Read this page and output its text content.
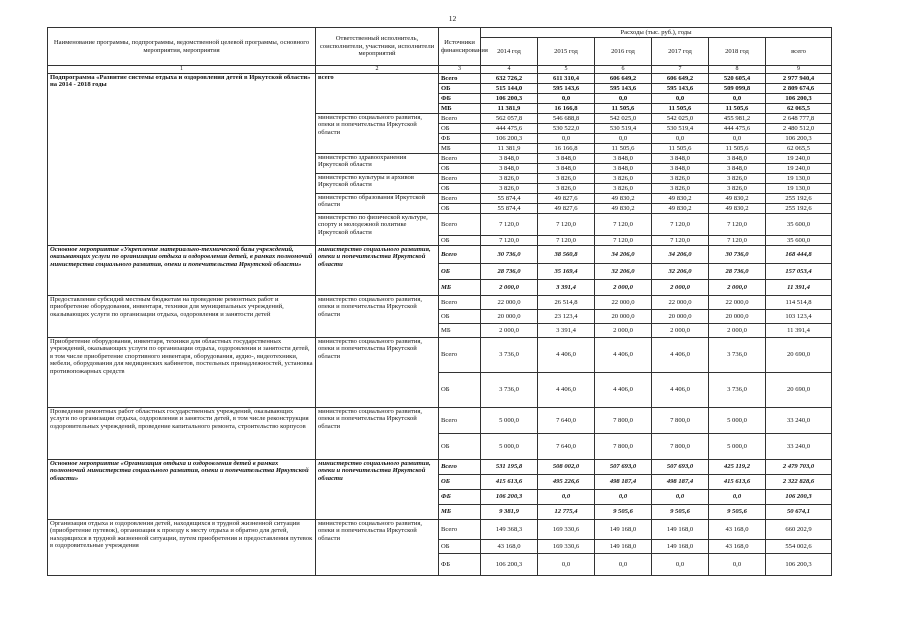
12
Наименование программы, подпрограммы, ведомственной целевой программы, основного мероприятия, мероприятия	Ответственный исполнитель, соисполнители, участники, исполнители мероприятий	Источники финансирования	Расходы (тыс. руб.), годы					
			2014 год	2015 год	2016 год	2017 год	2018 год	всего
1	2	3	4	5	6	7	8	9
Подпрограмма «Развитие системы отдыха и оздоровления детей в Иркутской области» на 2014 - 2018 годы	всего	Всего	632 726,2	611 310,4	606 649,2	606 649,2	520 605,4	2 977 940,4
		ОБ	515 144,0	595 143,6	595 143,6	595 143,6	509 099,8	2 809 674,6
		ФБ	106 200,3	0,0	0,0	0,0	0,0	106 200,3
		МБ	11 381,9	16 166,8	11 505,6	11 505,6	11 505,6	62 065,5
	министерство социального развития, опеки и попечительства Иркутской области	Всего	562 057,8	546 688,8	542 025,0	542 025,0	455 981,2	2 648 777,8
		ОБ	444 475,6	530 522,0	530 519,4	530 519,4	444 475,6	2 480 512,0
		ФБ	106 200,3	0,0	0,0	0,0	0,0	106 200,3
		МБ	11 381,9	16 166,8	11 505,6	11 505,6	11 505,6	62 065,5
	министерство здравоохранения Иркутской области	Всего	3 848,0	3 848,0	3 848,0	3 848,0	3 848,0	19 240,0
		ОБ	3 848,0	3 848,0	3 848,0	3 848,0	3 848,0	19 240,0
	министерство культуры и архивов Иркутской области	Всего	3 826,0	3 826,0	3 826,0	3 826,0	3 826,0	19 130,0
		ОБ	3 826,0	3 826,0	3 826,0	3 826,0	3 826,0	19 130,0
	министерство образования Иркутской области	Всего	55 874,4	49 827,6	49 830,2	49 830,2	49 830,2	255 192,6
		ОБ	55 874,4	49 827,6	49 830,2	49 830,2	49 830,2	255 192,6
	министерство по физической культуре, спорту и молодежной политике Иркутской области	Всего	7 120,0	7 120,0	7 120,0	7 120,0	7 120,0	35 600,0
		ОБ	7 120,0	7 120,0	7 120,0	7 120,0	7 120,0	35 600,0
Основное мероприятие «Укрепление материально-технической базы учреждений, оказывающих услуги по организации отдыха и оздоровления детей, в рамках полномочий министерства социального развития, опеки и попечительства Иркутской области»	министерство социального развития, опеки и попечительства Иркутской области	Всего	30 736,0	38 560,8	34 206,0	34 206,0	30 736,0	168 444,8
		ОБ	28 736,0	35 169,4	32 206,0	32 206,0	28 736,0	157 053,4
		МБ	2 000,0	3 391,4	2 000,0	2 000,0	2 000,0	11 391,4
Предоставление субсидий местным бюджетам на проведение ремонтных работ и приобретение оборудования, инвентаря, техники для муниципальных учреждений, оказывающих услуги по организации отдыха, оздоровления и занятости детей	министерство социального развития, опеки и попечительства Иркутской области	Всего	22 000,0	26 514,8	22 000,0	22 000,0	22 000,0	114 514,8
		ОБ	20 000,0	23 123,4	20 000,0	20 000,0	20 000,0	103 123,4
		МБ	2 000,0	3 391,4	2 000,0	2 000,0	2 000,0	11 391,4
Приобретение оборудования, инвентаря, техники для областных государственных учреждений, оказывающих услуги по организации отдыха, оздоровления и занятости детей, в том числе приобретение спортивного инвентаря, оборудования, аудио-, видеотехники, мебели, оборудования для медицинских кабинетов, постельных принадлежностей, установка противопожарных средств	министерство социального развития, опеки и попечительства Иркутской области	Всего	3 736,0	4 406,0	4 406,0	4 406,0	3 736,0	20 690,0
		ОБ	3 736,0	4 406,0	4 406,0	4 406,0	3 736,0	20 690,0
Проведение ремонтных работ областных государственных учреждений, оказывающих услуги по организации отдыха, оздоровления и занятости детей, в том числе реконструкция оздоровительных учреждений, проведение капитального ремонта, строительство корпусов	министерство социального развития, опеки и попечительства Иркутской области	Всего	5 000,0	7 640,0	7 800,0	7 800,0	5 000,0	33 240,0
		ОБ	5 000,0	7 640,0	7 800,0	7 800,0	5 000,0	33 240,0
Основное мероприятие «Организация отдыха и оздоровления детей в рамках полномочий министерства социального развития, опеки и попечительства Иркутской области»	министерство социального развития, опеки и попечительства Иркутской области	Всего	531 195,8	508 002,0	507 693,0	507 693,0	425 119,2	2 479 703,0
		ОБ	415 613,6	495 226,6	498 187,4	498 187,4	415 613,6	2 322 828,6
		ФБ	106 200,3	0,0	0,0	0,0	0,0	106 200,3
		МБ	9 381,9	12 775,4	9 505,6	9 505,6	9 505,6	50 674,1
Организация отдыха и оздоровления детей, находящихся в трудной жизненной ситуации (приобретение путевок), организация к проезду к месту отдыха и обратно для детей, находящихся в трудной жизненной ситуации, путем приобретения и предоставления путевок в оздоровительные учреждения	министерство социального развития, опеки и попечительства Иркутской области	Всего	149 368,3	169 330,6	149 168,0	149 168,0	43 168,0	660 202,9
		ОБ	43 168,0	169 330,6	149 168,0	149 168,0	43 168,0	554 002,6
		ФБ	106 200,3	0,0	0,0	0,0	0,0	106 200,3
